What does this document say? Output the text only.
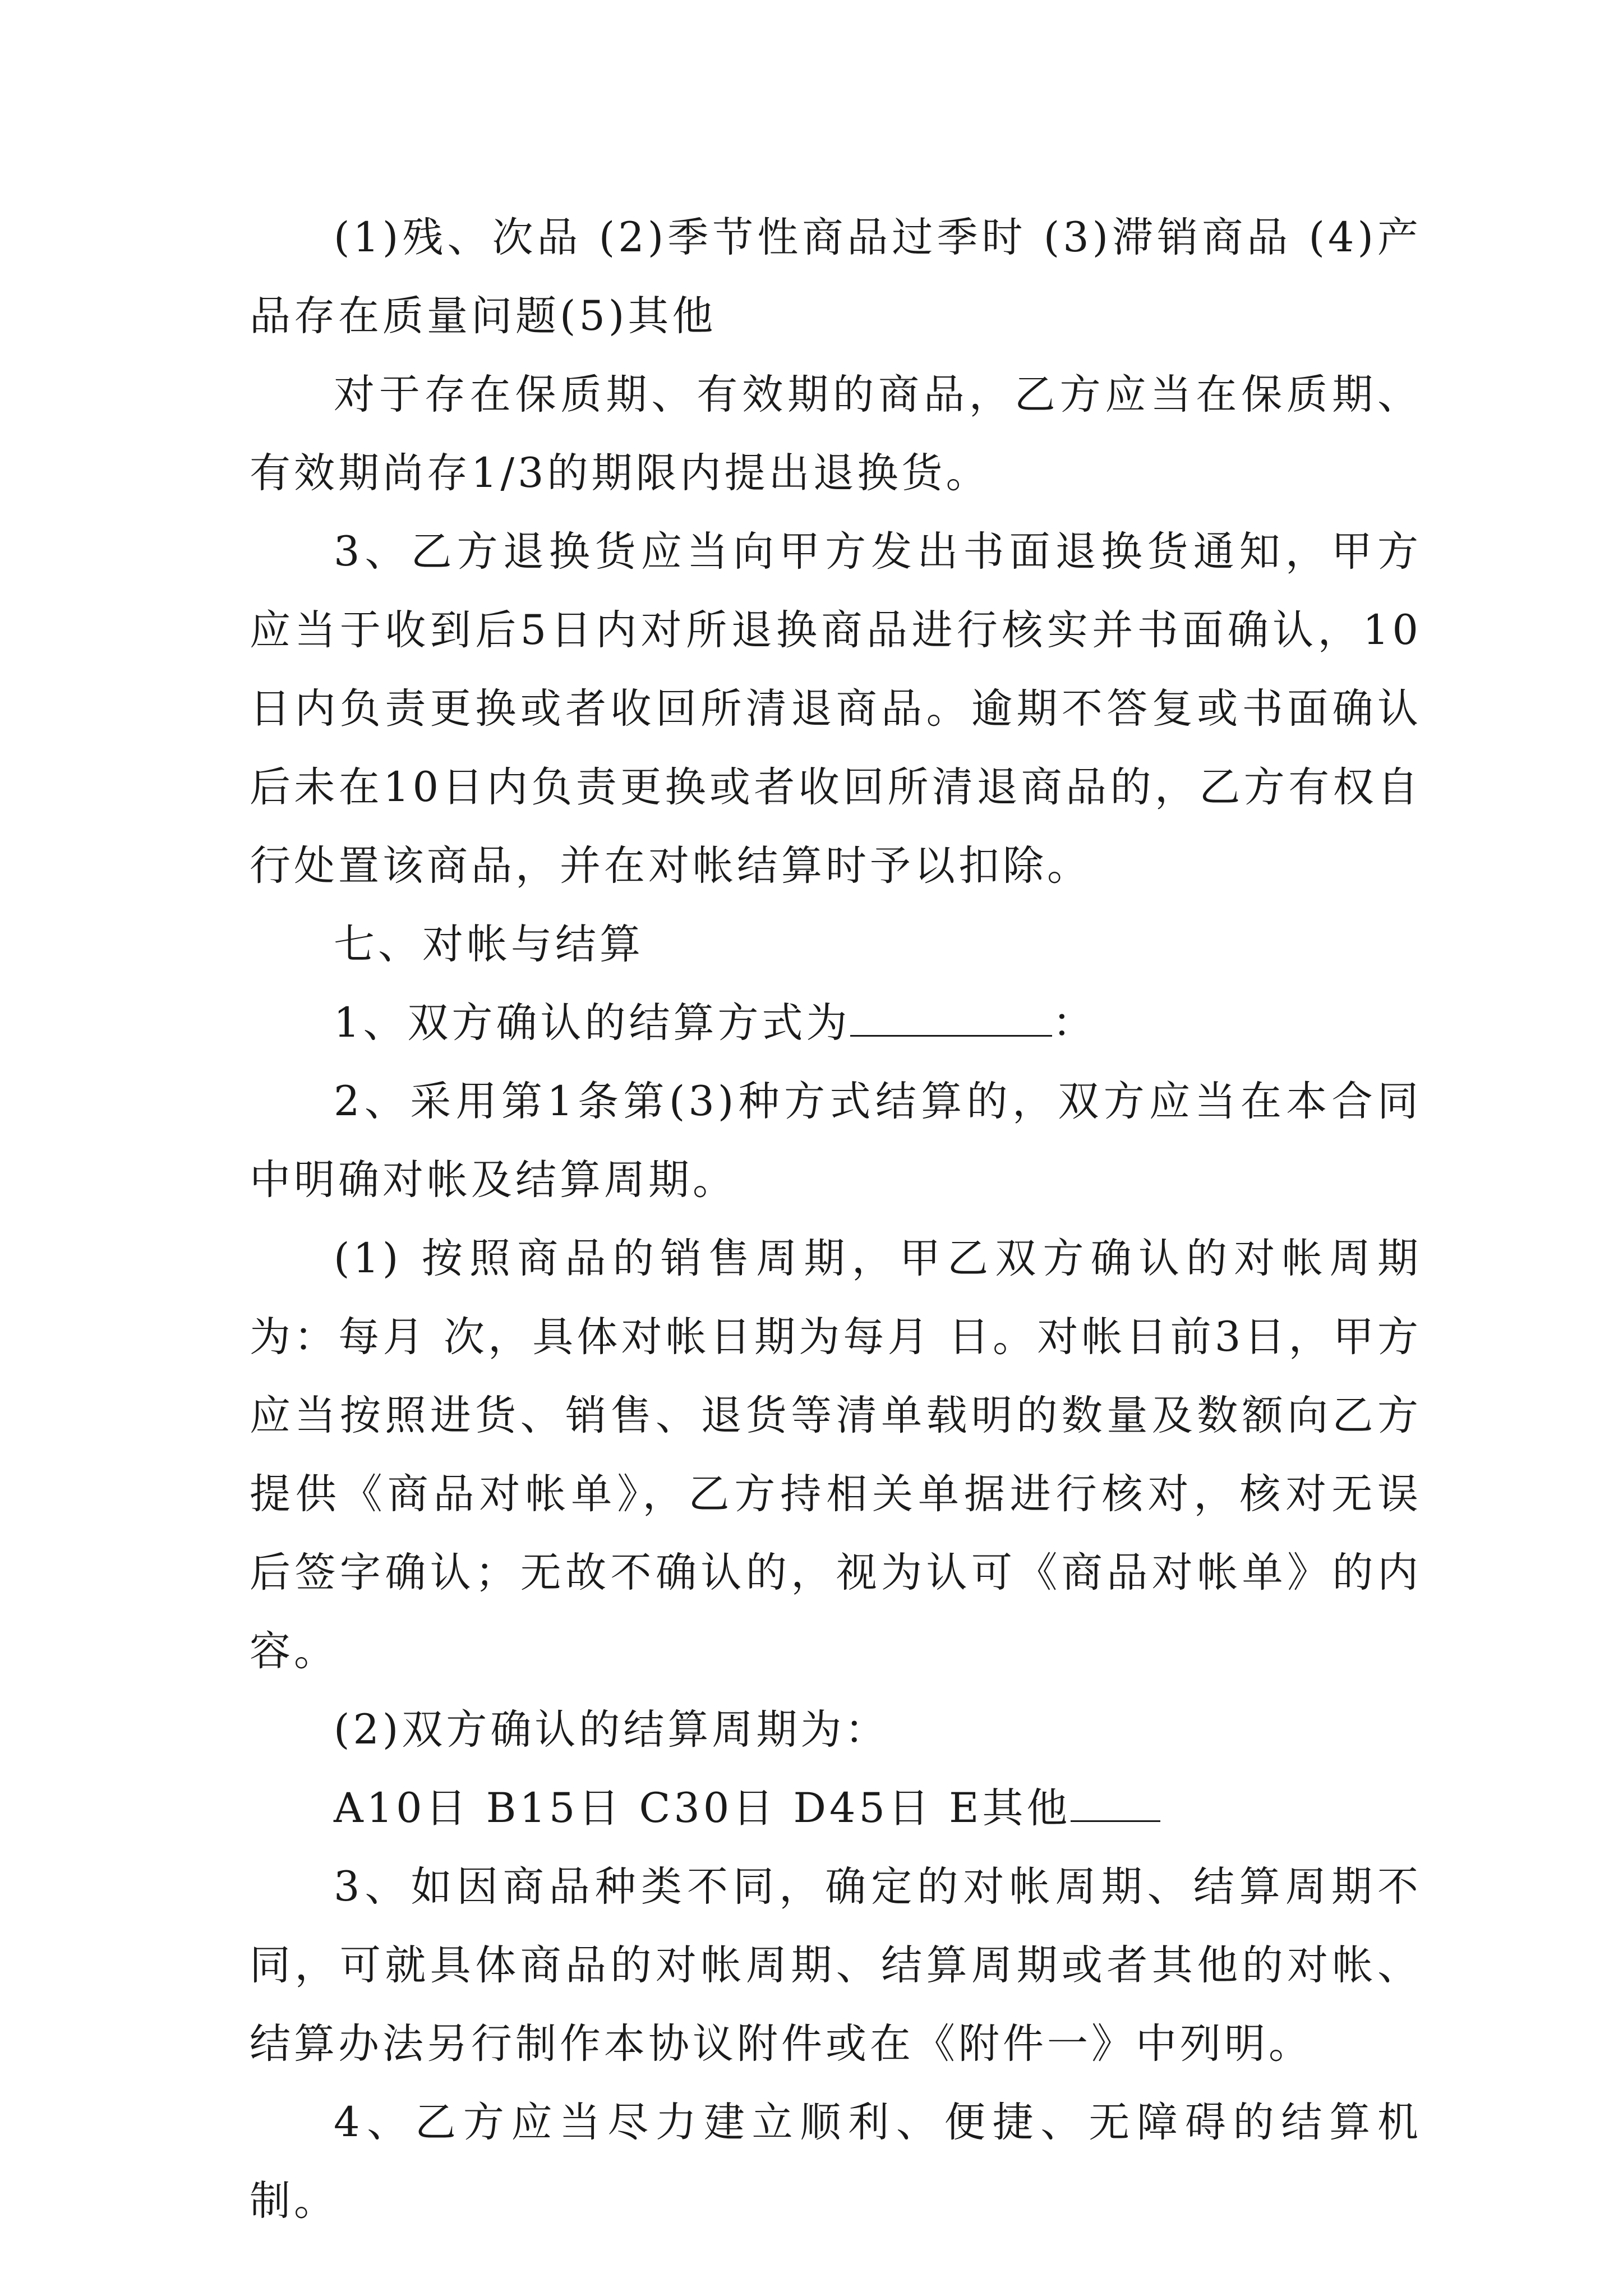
(1)残、次品 (2)季节性商品过季时 (3)滞销商品 (4)产品存在质量问题(5)其他

对于存在保质期、有效期的商品，乙方应当在保质期、有效期尚存1/3的期限内提出退换货。

3、乙方退换货应当向甲方发出书面退换货通知，甲方应当于收到后5日内对所退换商品进行核实并书面确认，10日内负责更换或者收回所清退商品。逾期不答复或书面确认后未在10日内负责更换或者收回所清退商品的，乙方有权自行处置该商品，并在对帐结算时予以扣除。

七、对帐与结算

1、双方确认的结算方式为	：

2、采用第1条第(3)种方式结算的，双方应当在本合同中明确对帐及结算周期。

(1) 按照商品的销售周期，甲乙双方确认的对帐周期为：每月 次，具体对帐日期为每月 日。对帐日前3日，甲方应当按照进货、销售、退货等清单载明的数量及数额向乙方提供《商品对帐单》，乙方持相关单据进行核对，核对无误后签字确认；无故不确认的，视为认可《商品对帐单》的内容。

(2)双方确认的结算周期为：

A10日 B15日 C30日 D45日 E其他

3、如因商品种类不同，确定的对帐周期、结算周期不同，可就具体商品的对帐周期、结算周期或者其他的对帐、结算办法另行制作本协议附件或在《附件一》中列明。

4、乙方应当尽力建立顺利、便捷、无障碍的结算机制。
